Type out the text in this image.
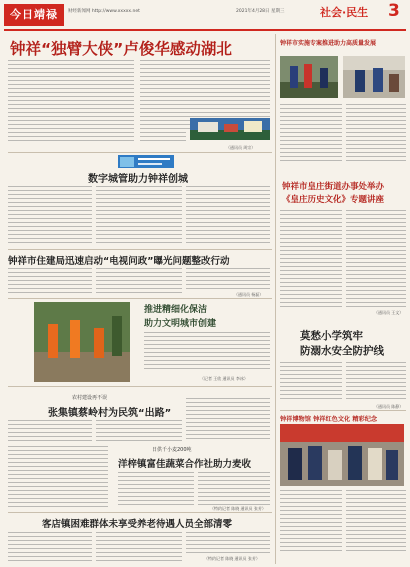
今日靖禄	财经新闻网 http://www.xxxxx.net	2021年4月28日 星期三	社会·民生 3
钟祥“独臂大侠”卢俊华感动湖北
（通讯员 周宗）
钟祥市实施专案推进助力高质量发展
数字城管助力钟祥创城
钟祥市皇庄街道办事处举办
《皇庄历史文化》专题讲座
（通讯员 王文）
钟祥市住建局迅速启动“电视问政”曝光问题整改行动
（通讯员 杨磊）
推进精细化保洁
助力文明城市创建
（记者 王欣 通讯员 李冰）
莫愁小学筑牢
防溺水安全防护线
（通讯员 陈静）
钟祥博物馆 钟祥红色文化 精彩纪念
农村建设再不误
张集镇蔡岭村为民筑“出路”
日供千小麦200吨
洋梓镇富佳蔬菜合作社助力麦收
（特约记者 陈晓 通讯员 张芳）
客店镇困难群体未享受养老待遇人员全部清零
（特约记者 陈晓 通讯员 张芳）
